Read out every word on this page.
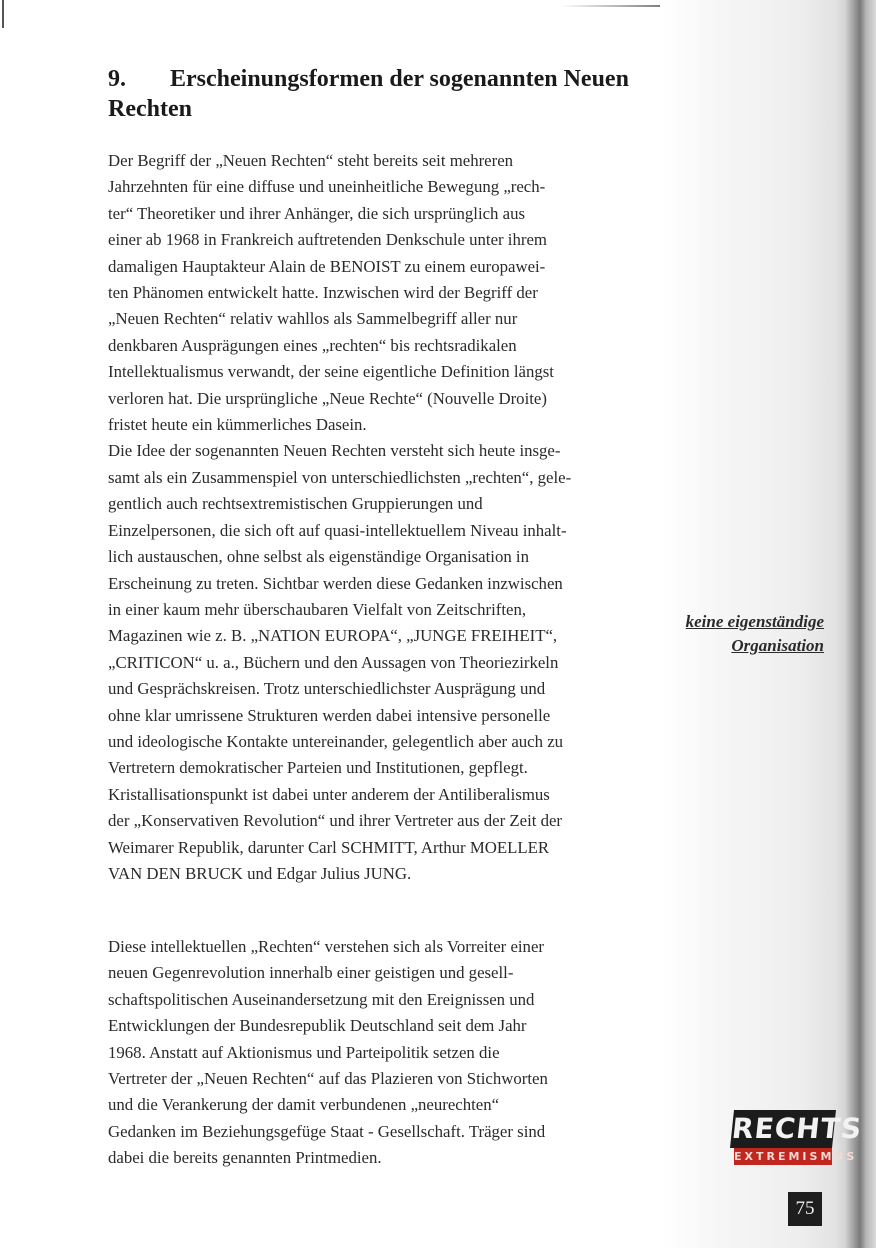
9.	Erscheinungsformen der sogenannten Neuen
Rechten

Der Begriff der „Neuen Rechten“ steht bereits seit mehreren
Jahrzehnten für eine diffuse und uneinheitliche Bewegung „rech-
ter“ Theoretiker und ihrer Anhänger, die sich ursprünglich aus
einer ab 1968 in Frankreich auftretenden Denkschule unter ihrem
damaligen Hauptakteur Alain de BENOIST zu einem europawei-
ten Phänomen entwickelt hatte. Inzwischen wird der Begriff der
„Neuen Rechten“ relativ wahllos als Sammelbegriff aller nur
denkbaren Ausprägungen eines „rechten“ bis rechtsradikalen
Intellektualismus verwandt, der seine eigentliche Definition längst
verloren hat. Die ursprüngliche „Neue Rechte“ (Nouvelle Droite)
fristet heute ein kümmerliches Dasein.

Die Idee der sogenannten Neuen Rechten versteht sich heute insge-
samt als ein Zusammenspiel von unterschiedlichsten „rechten“, gele-
gentlich auch rechtsextremistischen Gruppierungen und
Einzelpersonen, die sich oft auf quasi-intellektuellem Niveau inhalt-
lich austauschen, ohne selbst als eigenständige Organisation in
Erscheinung zu treten. Sichtbar werden diese Gedanken inzwischen
in einer kaum mehr überschaubaren Vielfalt von Zeitschriften,
Magazinen wie z. B. „NATION EUROPA“, „JUNGE FREIHEIT“,
„CRITICON“ u. a., Büchern und den Aussagen von Theoriezirkeln
und Gesprächskreisen. Trotz unterschiedlichster Ausprägung und
ohne klar umrissene Strukturen werden dabei intensive personelle
und ideologische Kontakte untereinander, gelegentlich aber auch zu
Vertretern demokratischer Parteien und Institutionen, gepflegt.
Kristallisationspunkt ist dabei unter anderem der Antiliberalismus
der „Konservativen Revolution“ und ihrer Vertreter aus der Zeit der
Weimarer Republik, darunter Carl SCHMITT, Arthur MOELLER
VAN DEN BRUCK und Edgar Julius JUNG.

Diese intellektuellen „Rechten“ verstehen sich als Vorreiter einer
neuen Gegenrevolution innerhalb einer geistigen und gesell-
schaftspolitischen Auseinandersetzung mit den Ereignissen und
Entwicklungen der Bundesrepublik Deutschland seit dem Jahr
1968. Anstatt auf Aktionismus und Parteipolitik setzen die
Vertreter der „Neuen Rechten“ auf das Plazieren von Stichworten
und die Verankerung der damit verbundenen „neurechten“
Gedanken im Beziehungsgefüge Staat - Gesellschaft. Träger sind
dabei die bereits genannten Printmedien.

keine eigenständige
Organisation
RECHTS
EXTREMISMUS
75
